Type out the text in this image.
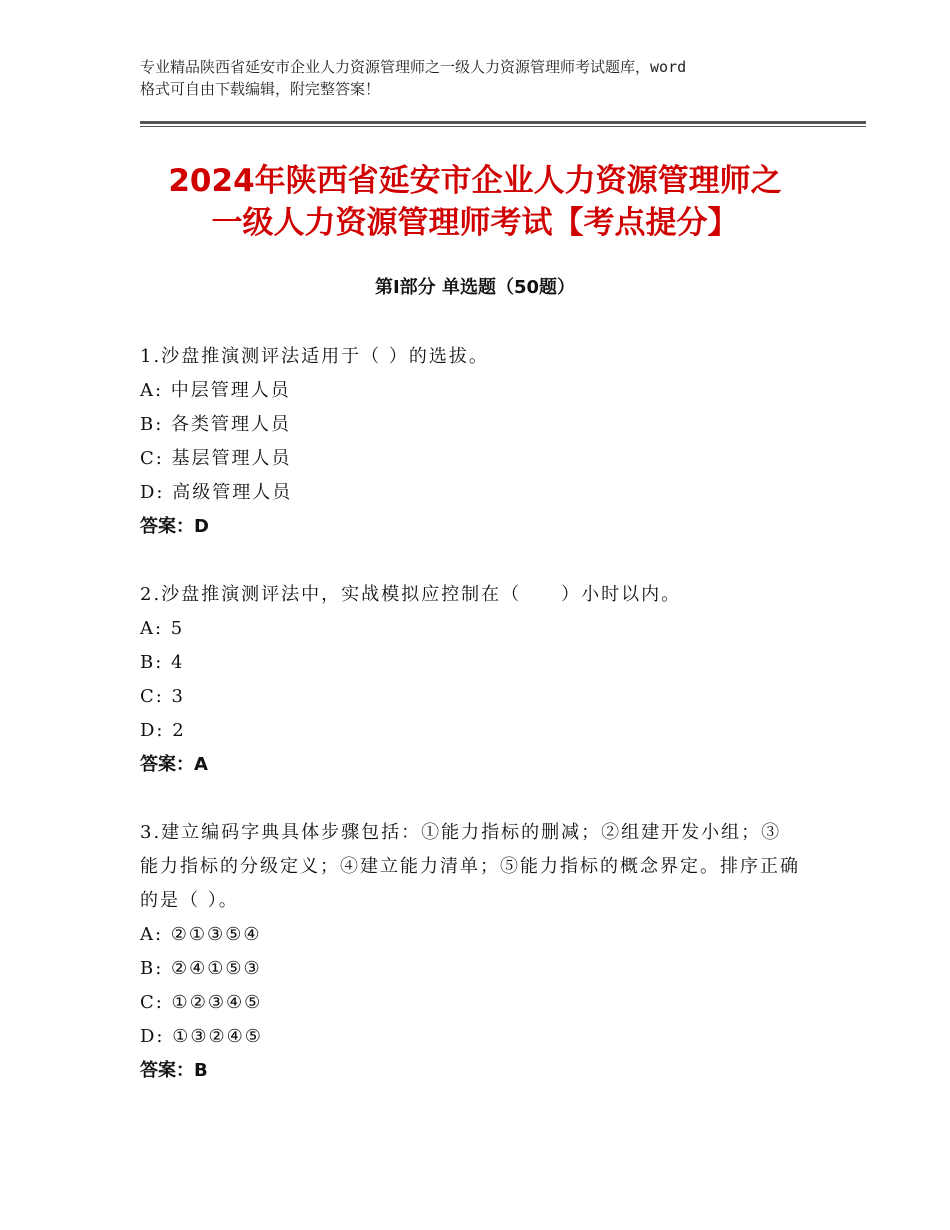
专业精品陕西省延安市企业人力资源管理师之一级人力资源管理师考试题库，word
格式可自由下载编辑，附完整答案！
2024年陕西省延安市企业人力资源管理师之
一级人力资源管理师考试【考点提分】
第Ⅰ部分 单选题（50题）
1.沙盘推演测评法适用于（ ）的选拔。
A: 中层管理人员
B: 各类管理人员
C: 基层管理人员
D: 高级管理人员
答案：D
2.沙盘推演测评法中，实战模拟应控制在（　　）小时以内。
A: 5
B: 4
C: 3
D: 2
答案：A
3.建立编码字典具体步骤包括：①能力指标的删减；②组建开发小组；③能力指标的分级定义；④建立能力清单；⑤能力指标的概念界定。排序正确的是（ ）。
A: ②①③⑤④
B: ②④①⑤③
C: ①②③④⑤
D: ①③②④⑤
答案：B
